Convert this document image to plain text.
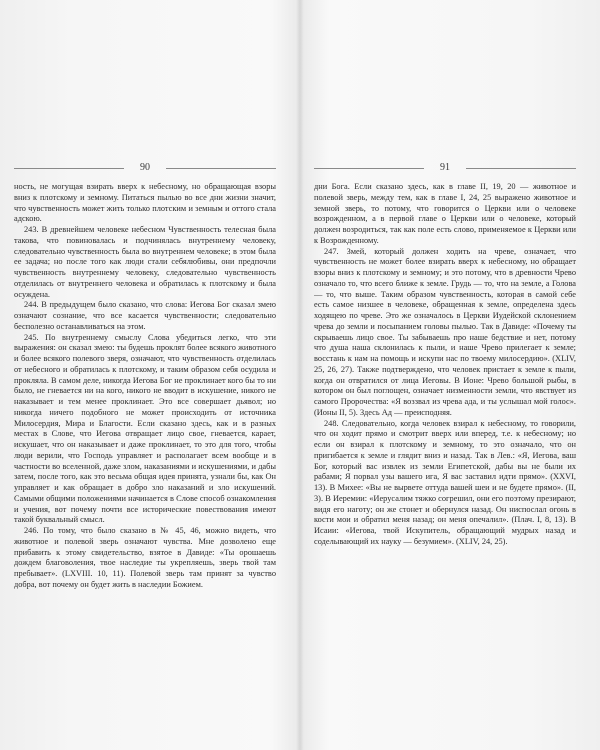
90

ность, не могущая взирать вверх к небесному, но обращающая взоры вниз к плотскому и земному. Питаться пылью во все дни жизни значит, что чувственность может жить только плотским и земным и оттого стала адскою.

243. В древнейшем человеке небесном Чувственность телесная была такова, что повиновалась и подчинялась внутреннему человеку, следовательно чувственность была во внутреннем человеке; в этом была ее задача; но после того как люди стали себялюбивы, они предпочли чувственность внутреннему человеку, следовательно чувственность отделилась от внутреннего человека и обратилась к плотскому и была осуждена.

244. В предыдущем было сказано, что слова: Иегова Бог сказал змею означают сознание, что все касается чувственности; следовательно бесполезно останавливаться на этом.

245. По внутреннему смыслу Слова убедиться легко, что эти выражения: он сказал змею: ты будешь проклят более всякого животного и более всякого полевого зверя, означают, что чувственность отделилась от небесного и обратилась к плотскому, и таким образом себя осудила и прокляла. В самом деле, никогда Иегова Бог не проклинает кого бы то ни было, не гневается ни на кого, никого не вводит в искушение, никого не наказывает и тем менее проклинает. Это все совершает дьявол; но никогда ничего подобного не может происходить от источника Милосердия, Мира и Благости. Если сказано здесь, как и в разных местах в Слове, что Иегова отвращает лицо свое, гневается, карает, искушает, что он наказывает и даже проклинает, то это для того, чтобы люди верили, что Господь управляет и располагает всем вообще и в частности во вселенной, даже злом, наказаниями и искушениями, и дабы затем, после того, как это весьма общая идея принята, узнали бы, как Он управляет и как обращает в добро зло наказаний и зло искушений. Самыми общими положениями начинается в Слове способ ознакомления и учения, вот почему почти все исторические повествования имеют такой буквальный смысл.

246. По тому, что было сказано в № 45, 46, можно видеть, что животное и полевой зверь означают чувства. Мне дозволено еще прибавить к этому свидетельство, взятое в Давиде: «Ты орошаешь дождем благоволения, твое наследие ты укрепляешь, зверь твой там пребывает». (LXVIII. 10, 11). Полевой зверь там принят за чувство добра, вот почему он будет жить в наследии Божием.

91

дни Бога. Если сказано здесь, как в главе II, 19, 20 — животное и полевой зверь, между тем, как в главе I, 24, 25 выражено животное и земной зверь, то потому, что говорится о Церкви или о человеке возрожденном, а в первой главе о Церкви или о человеке, который должен возродиться, так как поле есть слово, применяемое к Церкви или к Возрожденному.

247. Змей, который должен ходить на чреве, означает, что чувственность не может более взирать вверх к небесному, но обращает взоры вниз к плотскому и земному; и это потому, что в древности Чрево означало то, что всего ближе к земле. Грудь — то, что на земле, а Голова — то, что выше. Таким образом чувственность, которая в самой себе есть самое низшее в человеке, обращенная к земле, определена здесь ходящею по чреве. Это же означалось в Церкви Иудейской склонением чрева до земли и посыпанием головы пылью. Так в Давиде: «Почему ты скрываешь лицо свое. Ты забываешь про наше бедствие и нет, потому что душа наша склонилась к пыли, и наше Чрево прилегает к земле; восстань к нам на помощь и искупи нас по твоему милосердию». (XLIV, 25, 26, 27). Также подтверждено, что человек пристает к земле к пыли, когда он отвратился от лица Иеговы. В Ионе: Чрево большой рыбы, в котором он был поглощен, означает низменности земли, что явствует из самого Пророчества: «Я воззвал из чрева ада, и ты услышал мой голос». (Ионы II, 5). Здесь Ад — преисподняя.

248. Следовательно, когда человек взирал к небесному, то говорили, что он ходит прямо и смотрит вверх или вперед, т.е. к небесному; но если он взирал к плотскому и земному, то это означало, что он пригибается к земле и глядит вниз и назад. Так в Лев.: «Я, Иегова, ваш Бог, который вас извлек из земли Египетской, дабы вы не были их рабами; Я порвал узы вашего ига, Я вас заставил идти прямо». (XXVI, 13). В Михее: «Вы не вырвете оттуда вашей шеи и не будете прямо». (II, 3). В Иеремии: «Иерусалим тяжко согрешил, они его поэтому презирают, видя его наготу; он же стонет и обернулся назад. Он ниспослал огонь в кости мои и обратил меня назад; он меня опечалил». (Плач. I, 8, 13). В Исаии: «Иегова, твой Искупитель, обращающий мудрых назад и соделывающий их науку — безумием». (XLIV, 24, 25).
